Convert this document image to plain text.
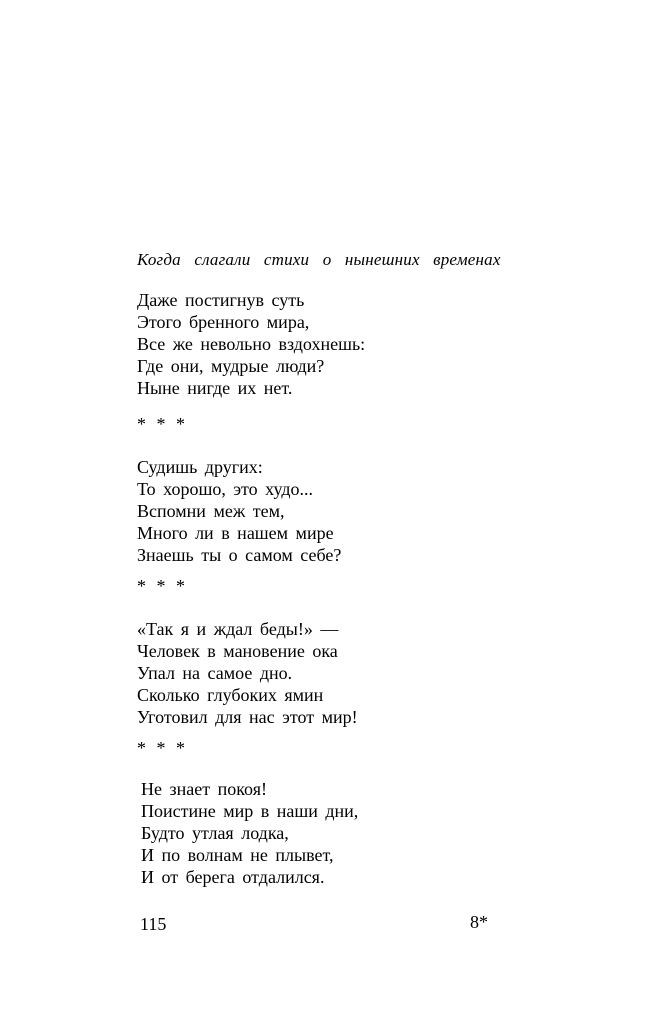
Когда слагали стихи о нынешних временах
Даже постигнув суть
Этого бренного мира,
Все же невольно вздохнешь:
Где они, мудрые люди?
Ныне нигде их нет.
* * *
Судишь других:
То хорошо, это худо...
Вспомни меж тем,
Много ли в нашем мире
Знаешь ты о самом себе?
* * *
«Так я и ждал беды!» —
Человек в мановение ока
Упал на самое дно.
Сколько глубоких ямин
Уготовил для нас этот мир!
* * *
Не знает покоя!
Поистине мир в наши дни,
Будто утлая лодка,
И по волнам не плывет,
И от берега отдалился.
115	8*
